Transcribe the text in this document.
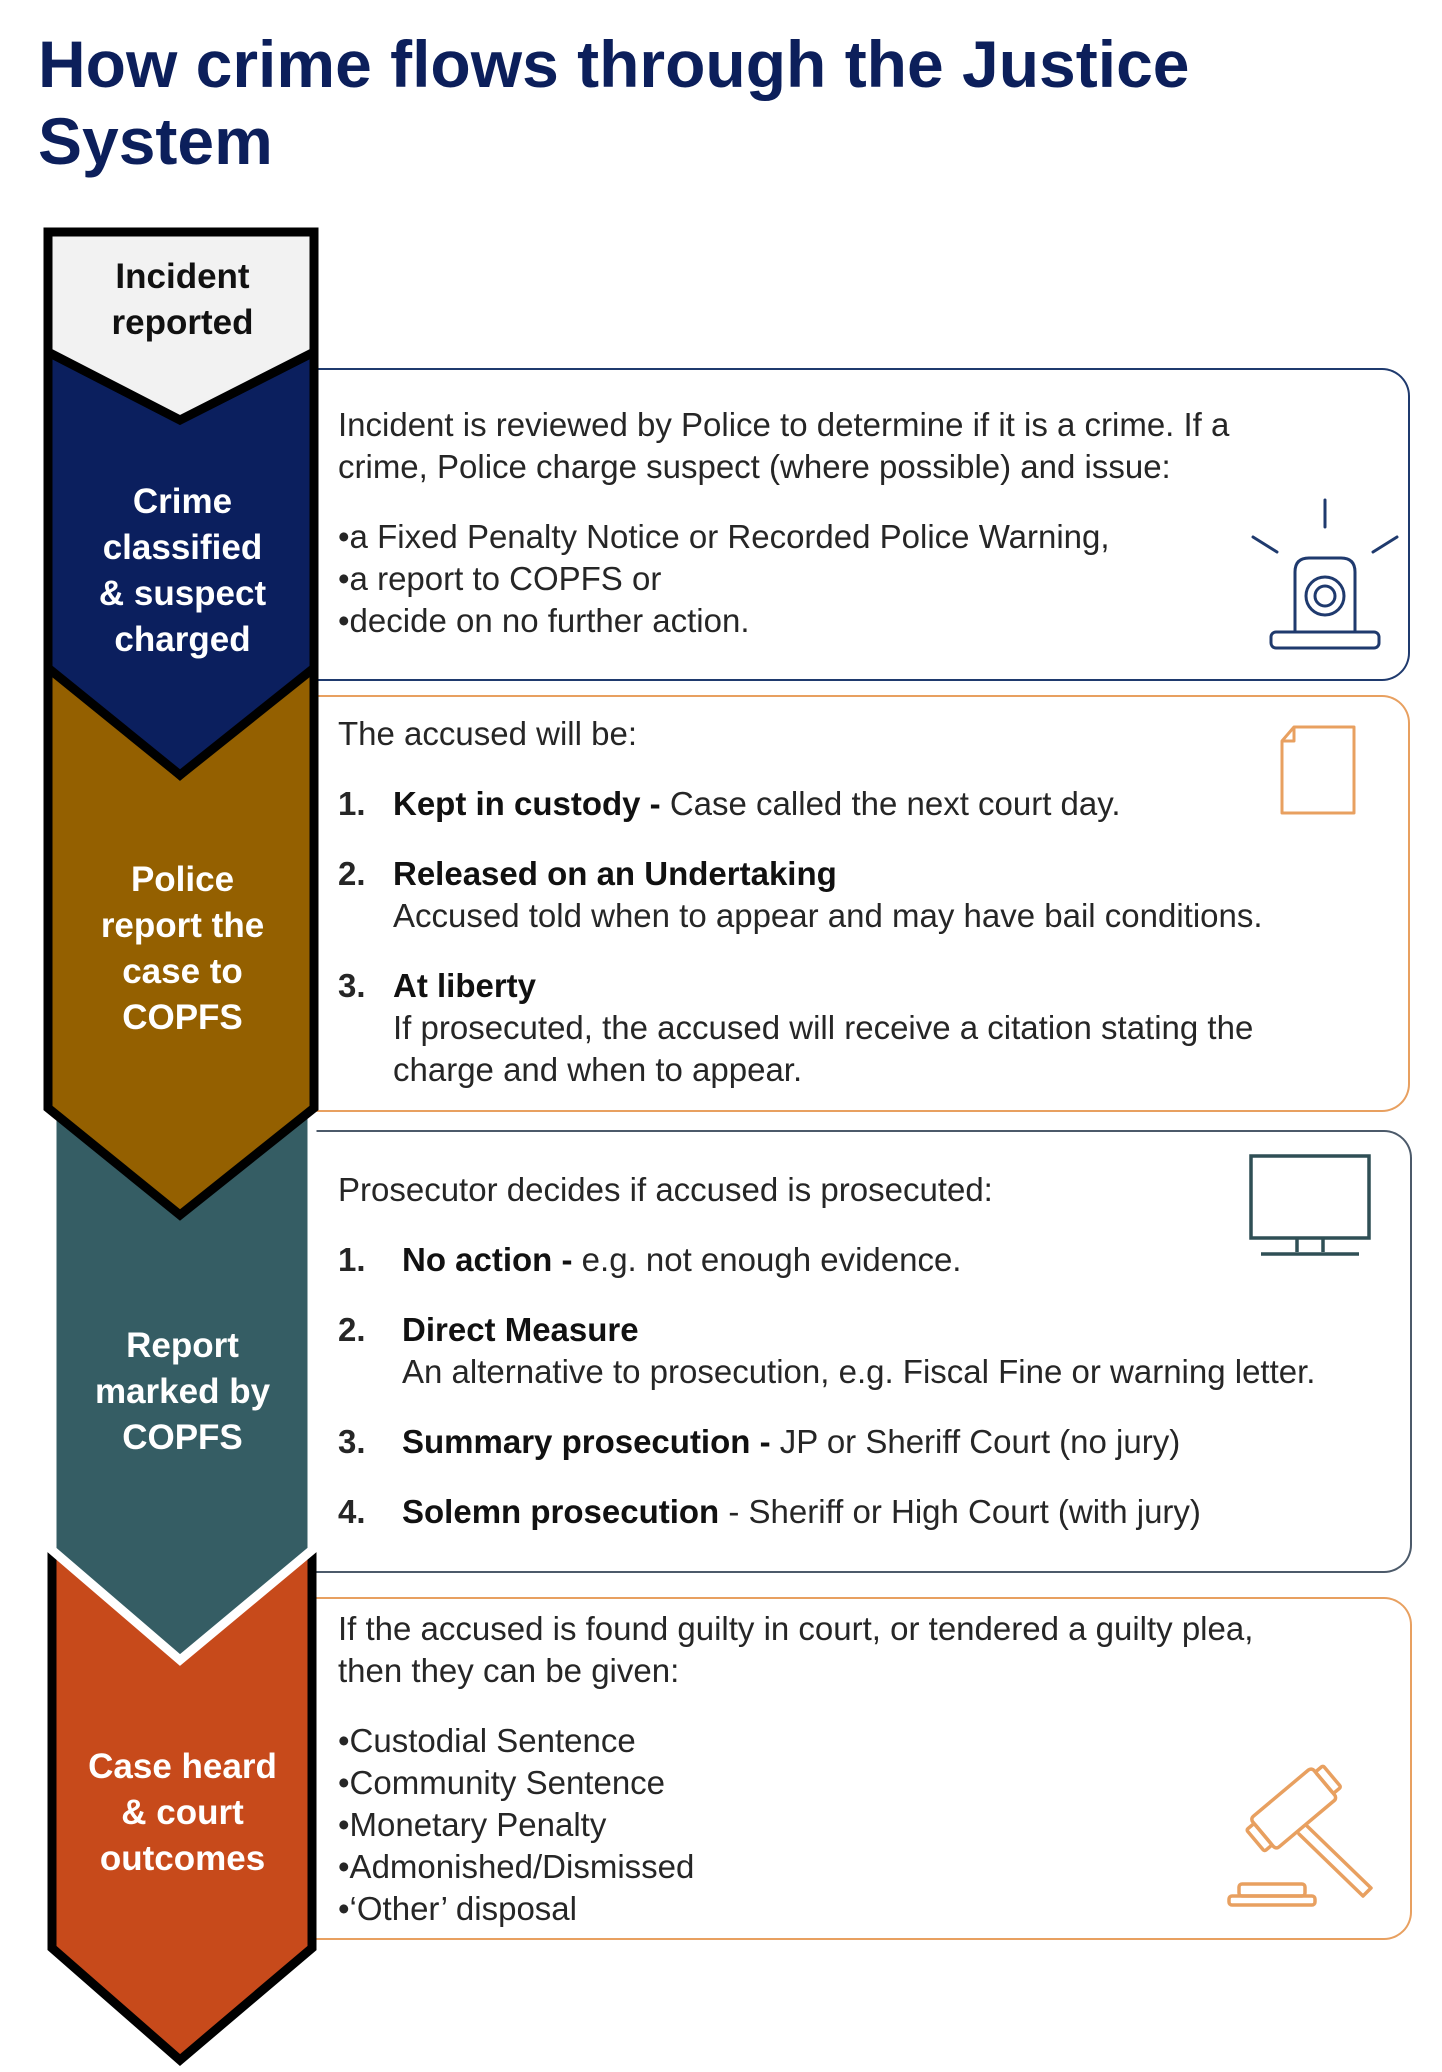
How crime flows through the Justice
System
Incident
reported
Crime
classified
& suspect
charged
Police
report the
case to
COPFS
Report
marked by
COPFS
Case heard
& court
outcomes
Incident is reviewed by Police to determine if it is a crime. If a
crime, Police charge suspect (where possible) and issue:
•a Fixed Penalty Notice or Recorded Police Warning,
•a report to COPFS or
•decide on no further action.
The accused will be:
1. Kept in custody - Case called the next court day.
2. Released on an Undertaking
Accused told when to appear and may have bail conditions.
3. At liberty
If prosecuted, the accused will receive a citation stating the
charge and when to appear.
Prosecutor decides if accused is prosecuted:
1. No action - e.g. not enough evidence.
2. Direct Measure
An alternative to prosecution, e.g. Fiscal Fine or warning letter.
3. Summary prosecution - JP or Sheriff Court (no jury)
4. Solemn prosecution - Sheriff or High Court (with jury)
If the accused is found guilty in court, or tendered a guilty plea,
then they can be given:
•Custodial Sentence
•Community Sentence
•Monetary Penalty
•Admonished/Dismissed
•‘Other’ disposal
